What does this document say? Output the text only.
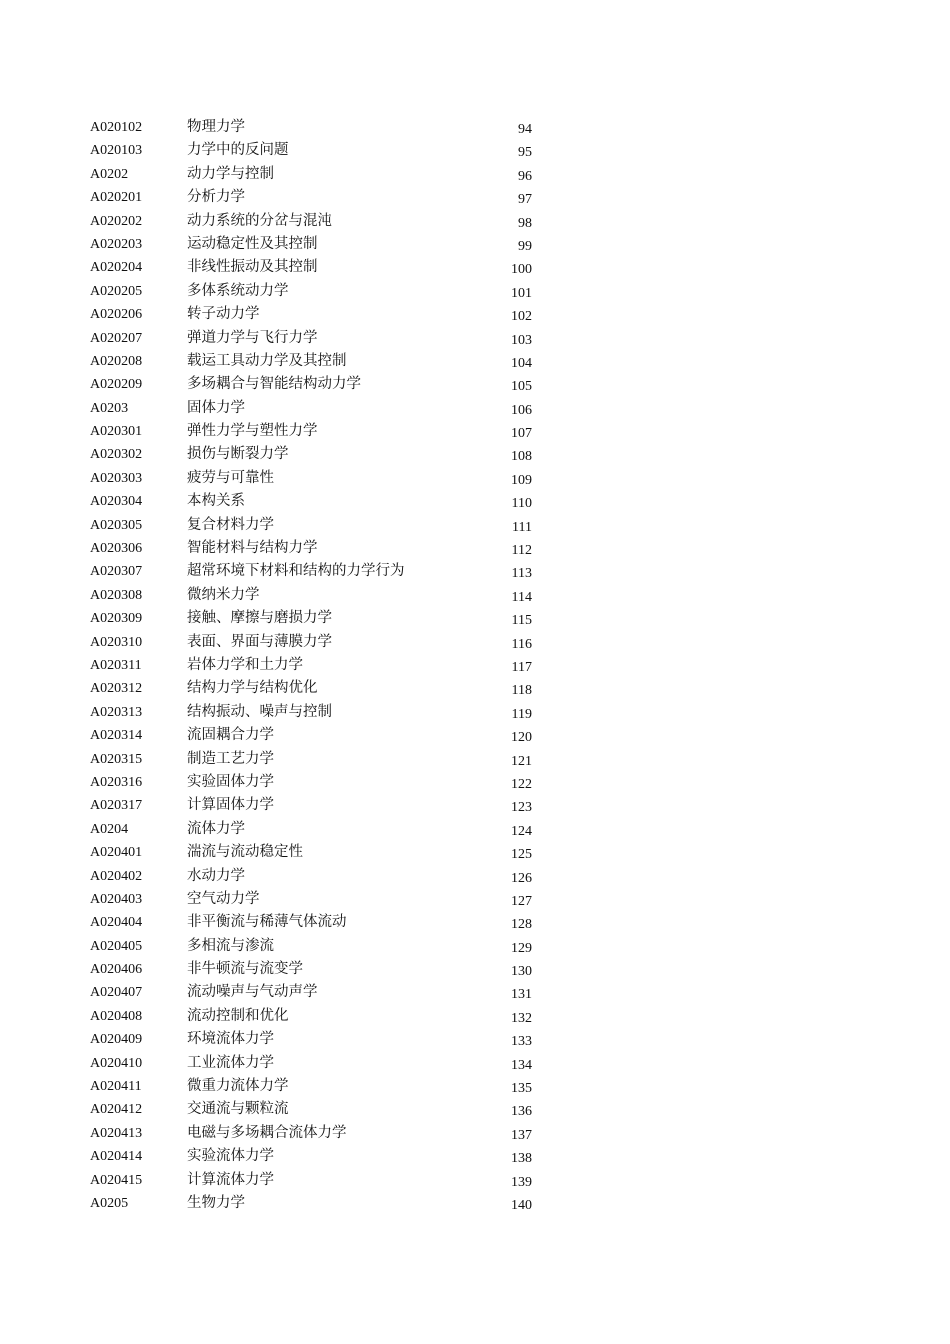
A020102	物理力学	94
A020103	力学中的反问题	95
A0202	动力学与控制	96
A020201	分析力学	97
A020202	动力系统的分岔与混沌	98
A020203	运动稳定性及其控制	99
A020204	非线性振动及其控制	100
A020205	多体系统动力学	101
A020206	转子动力学	102
A020207	弹道力学与飞行力学	103
A020208	载运工具动力学及其控制	104
A020209	多场耦合与智能结构动力学	105
A0203	固体力学	106
A020301	弹性力学与塑性力学	107
A020302	损伤与断裂力学	108
A020303	疲劳与可靠性	109
A020304	本构关系	110
A020305	复合材料力学	111
A020306	智能材料与结构力学	112
A020307	超常环境下材料和结构的力学行为	113
A020308	微纳米力学	114
A020309	接触、摩擦与磨损力学	115
A020310	表面、界面与薄膜力学	116
A020311	岩体力学和土力学	117
A020312	结构力学与结构优化	118
A020313	结构振动、噪声与控制	119
A020314	流固耦合力学	120
A020315	制造工艺力学	121
A020316	实验固体力学	122
A020317	计算固体力学	123
A0204	流体力学	124
A020401	湍流与流动稳定性	125
A020402	水动力学	126
A020403	空气动力学	127
A020404	非平衡流与稀薄气体流动	128
A020405	多相流与渗流	129
A020406	非牛顿流与流变学	130
A020407	流动噪声与气动声学	131
A020408	流动控制和优化	132
A020409	环境流体力学	133
A020410	工业流体力学	134
A020411	微重力流体力学	135
A020412	交通流与颗粒流	136
A020413	电磁与多场耦合流体力学	137
A020414	实验流体力学	138
A020415	计算流体力学	139
A0205	生物力学	140
